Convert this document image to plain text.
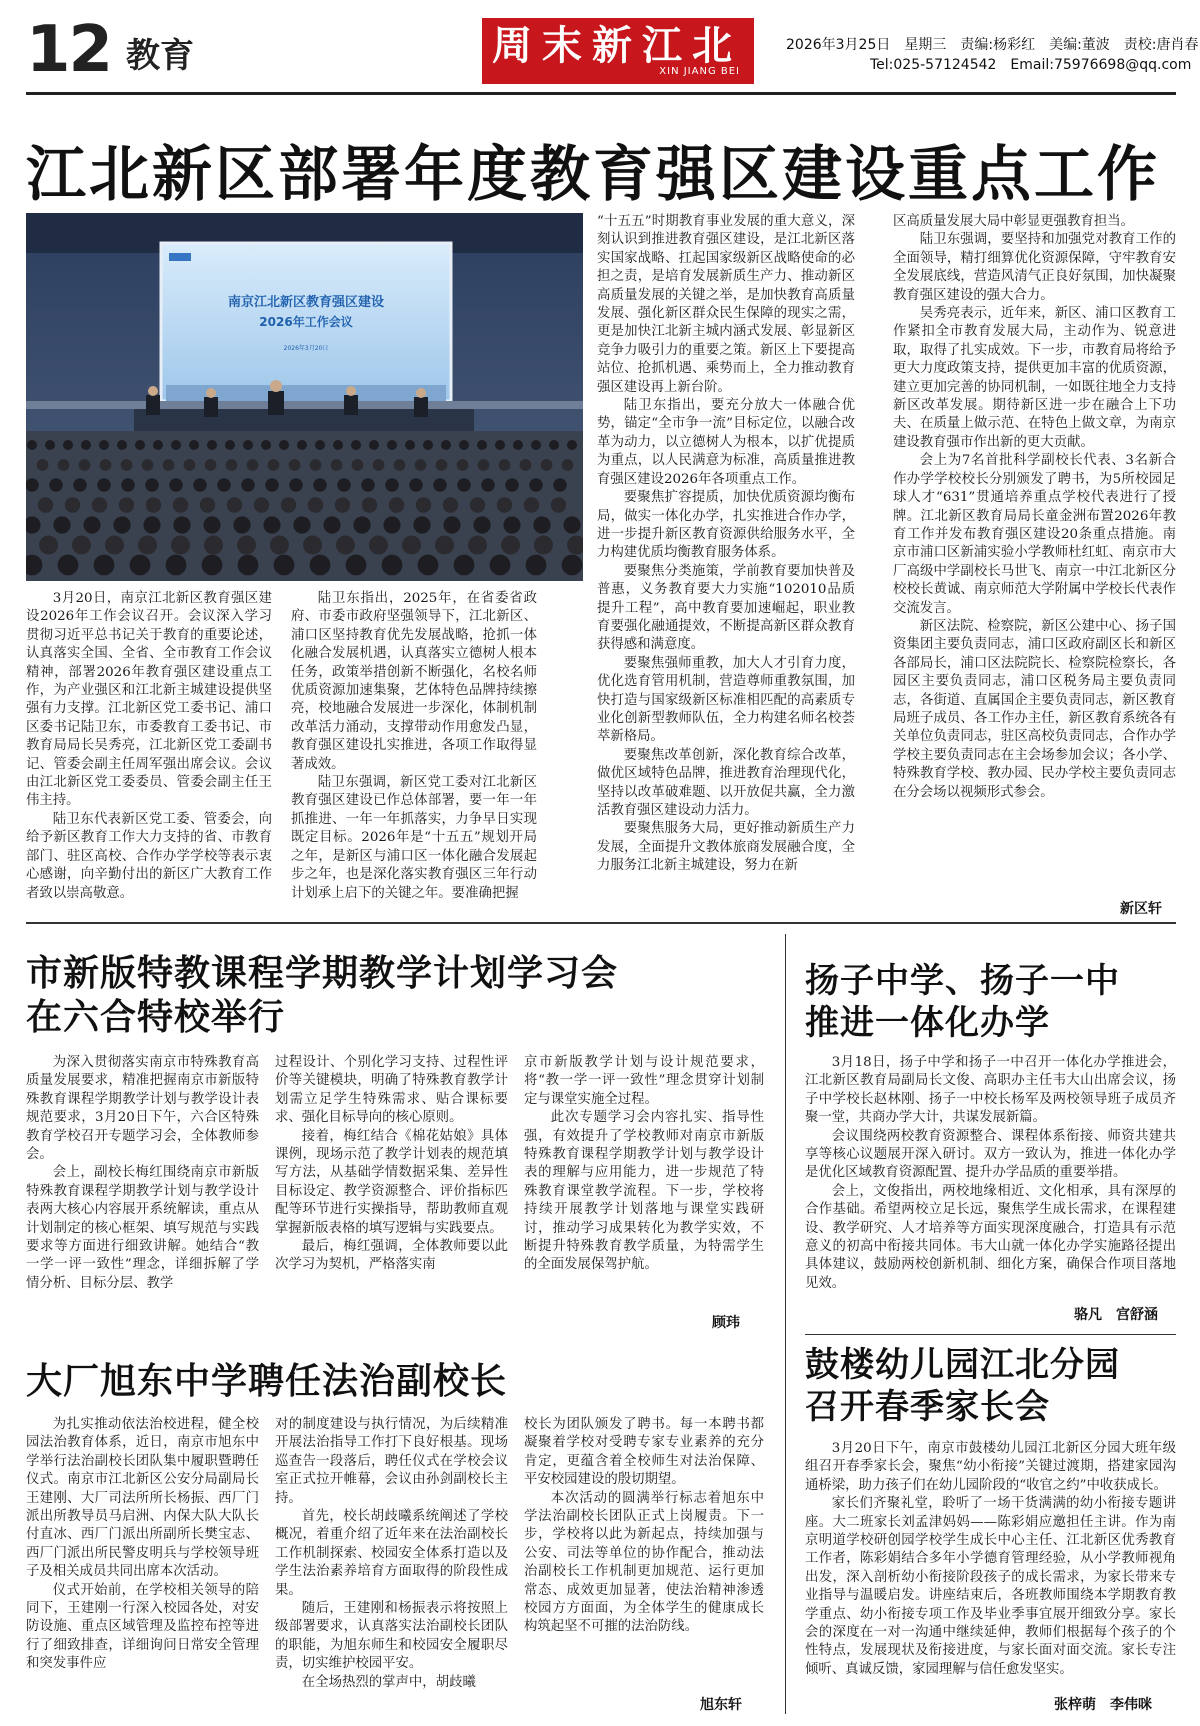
12 教育	周末新江北
XIN JIANG BEI
2026年3月25日　星期三　责编:杨彩红　美编:董波　责校:唐肖春
Tel:025-57124542　Email:75976698@qq.com
江北新区部署年度教育强区建设重点工作
南京江北新区教育强区建设
2026年工作会议
2026年3月20日

3月20日，南京江北新区教育强区建设2026年工作会议召开。会议深入学习贯彻习近平总书记关于教育的重要论述，认真落实全国、全省、全市教育工作会议精神，部署2026年教育强区建设重点工作，为产业强区和江北新主城建设提供坚强有力支撑。江北新区党工委书记、浦口区委书记陆卫东，市委教育工委书记、市教育局局长吴秀亮，江北新区党工委副书记、管委会副主任周军强出席会议。会议由江北新区党工委委员、管委会副主任王伟主持。

陆卫东代表新区党工委、管委会，向给予新区教育工作大力支持的省、市教育部门、驻区高校、合作办学学校等表示衷心感谢，向辛勤付出的新区广大教育工作者致以崇高敬意。

陆卫东指出，2025年，在省委省政府、市委市政府坚强领导下，江北新区、浦口区坚持教育优先发展战略，抢抓一体化融合发展机遇，认真落实立德树人根本任务，政策举措创新不断强化，名校名师优质资源加速集聚，艺体特色品牌持续擦亮，校地融合发展进一步深化，体制机制改革活力涌动，支撑带动作用愈发凸显，教育强区建设扎实推进，各项工作取得显著成效。

陆卫东强调，新区党工委对江北新区教育强区建设已作总体部署，要一年一年抓推进、一年一年抓落实，力争早日实现既定目标。2026年是“十五五”规划开局之年，是新区与浦口区一体化融合发展起步之年，也是深化落实教育强区三年行动计划承上启下的关键之年。要准确把握

“十五五”时期教育事业发展的重大意义，深刻认识到推进教育强区建设，是江北新区落实国家战略、扛起国家级新区战略使命的必担之责，是培育发展新质生产力、推动新区高质量发展的关键之举，是加快教育高质量发展、强化新区群众民生保障的现实之需，更是加快江北新主城内涵式发展、彰显新区竞争力吸引力的重要之策。新区上下要提高站位、抢抓机遇、乘势而上，全力推动教育强区建设再上新台阶。

陆卫东指出，要充分放大一体融合优势，锚定“全市争一流”目标定位，以融合改革为动力，以立德树人为根本，以扩优提质为重点，以人民满意为标准，高质量推进教育强区建设2026年各项重点工作。

要聚焦扩容提质，加快优质资源均衡布局，做实一体化办学，扎实推进合作办学，进一步提升新区教育资源供给服务水平，全力构建优质均衡教育服务体系。

要聚焦分类施策，学前教育要加快普及普惠，义务教育要大力实施“102010品质提升工程”，高中教育要加速崛起，职业教育要强化融通提效，不断提高新区群众教育获得感和满意度。

要聚焦强师重教，加大人才引育力度，优化选育管用机制，营造尊师重教氛围，加快打造与国家级新区标准相匹配的高素质专业化创新型教师队伍，全力构建名师名校荟萃新格局。

要聚焦改革创新，深化教育综合改革，做优区域特色品牌，推进教育治理现代化，坚持以改革破难题、以开放促共赢，全力激活教育强区建设动力活力。

要聚焦服务大局，更好推动新质生产力发展，全面提升文教体旅商发展融合度，全力服务江北新主城建设，努力在新

区高质量发展大局中彰显更强教育担当。

陆卫东强调，要坚持和加强党对教育工作的全面领导，精打细算优化资源保障，守牢教育安全发展底线，营造风清气正良好氛围，加快凝聚教育强区建设的强大合力。

吴秀亮表示，近年来，新区、浦口区教育工作紧扣全市教育发展大局，主动作为、锐意进取，取得了扎实成效。下一步，市教育局将给予更大力度政策支持，提供更加丰富的优质资源，建立更加完善的协同机制，一如既往地全力支持新区改革发展。期待新区进一步在融合上下功夫、在质量上做示范、在特色上做文章，为南京建设教育强市作出新的更大贡献。

会上为7名首批科学副校长代表、3名新合作办学学校校长分别颁发了聘书，为5所校园足球人才“631”贯通培养重点学校代表进行了授牌。江北新区教育局局长童金洲布置2026年教育工作并发布教育强区建设20条重点措施。南京市浦口区新浦实验小学教师杜红虹、南京市大厂高级中学副校长马世飞、南京一中江北新区分校校长黄诚、南京师范大学附属中学校长代表作交流发言。

新区法院、检察院，新区公建中心、扬子国资集团主要负责同志，浦口区政府副区长和新区各部局长，浦口区法院院长、检察院检察长，各园区主要负责同志，浦口区税务局主要负责同志，各街道、直属国企主要负责同志，新区教育局班子成员、各工作办主任，新区教育系统各有关单位负责同志，驻区高校负责同志，合作办学学校主要负责同志在主会场参加会议；各小学、特殊教育学校、教办园、民办学校主要负责同志在分会场以视频形式参会。

新区轩
市新版特教课程学期教学计划学习会
在六合特校举行

为深入贯彻落实南京市特殊教育高质量发展要求，精准把握南京市新版特殊教育课程学期教学计划与教学设计表规范要求，3月20日下午，六合区特殊教育学校召开专题学习会，全体教师参会。

会上，副校长梅红围绕南京市新版特殊教育课程学期教学计划与教学设计表两大核心内容展开系统解读，重点从计划制定的核心框架、填写规范与实践要求等方面进行细致讲解。她结合“教一学一评一致性”理念，详细拆解了学情分析、目标分层、教学

过程设计、个别化学习支持、过程性评价等关键模块，明确了特殊教育教学计划需立足学生特殊需求、贴合课标要求、强化目标导向的核心原则。

接着，梅红结合《棉花姑娘》具体课例，现场示范了教学计划表的规范填写方法，从基础学情数据采集、差异性目标设定、教学资源整合、评价指标匹配等环节进行实操指导，帮助教师直观掌握新版表格的填写逻辑与实践要点。

最后，梅红强调，全体教师要以此次学习为契机，严格落实南

京市新版教学计划与设计规范要求，将“教一学一评一致性”理念贯穿计划制定与课堂实施全过程。

此次专题学习会内容扎实、指导性强，有效提升了学校教师对南京市新版特殊教育课程学期教学计划与教学设计表的理解与应用能力，进一步规范了特殊教育课堂教学流程。下一步，学校将持续开展教学计划落地与课堂实践研讨，推动学习成果转化为教学实效，不断提升特殊教育教学质量，为特需学生的全面发展保驾护航。

顾玮
扬子中学、扬子一中
推进一体化办学

3月18日，扬子中学和扬子一中召开一体化办学推进会，江北新区教育局副局长文俊、高职办主任韦大山出席会议，扬子中学校长赵林刚、扬子一中校长杨军及两校领导班子成员齐聚一堂，共商办学大计，共谋发展新篇。

会议围绕两校教育资源整合、课程体系衔接、师资共建共享等核心议题展开深入研讨。双方一致认为，推进一体化办学是优化区域教育资源配置、提升办学品质的重要举措。

会上，文俊指出，两校地缘相近、文化相承，具有深厚的合作基础。希望两校立足长远，聚焦学生成长需求，在课程建设、教学研究、人才培养等方面实现深度融合，打造具有示范意义的初高中衔接共同体。韦大山就一体化办学实施路径提出具体建议，鼓励两校创新机制、细化方案，确保合作项目落地见效。

骆凡　宫舒涵
大厂旭东中学聘任法治副校长

为扎实推动依法治校进程，健全校园法治教育体系，近日，南京市旭东中学举行法治副校长团队集中履职暨聘任仪式。南京市江北新区公安分局副局长王建刚、大厂司法所所长杨振、西厂门派出所教导员马启洲、内保大队大队长付直冰、西厂门派出所副所长樊宝志、西厂门派出所民警皮明兵与学校领导班子及相关成员共同出席本次活动。

仪式开始前，在学校相关领导的陪同下，王建刚一行深入校园各处，对安防设施、重点区域管理及监控布控等进行了细致排查，详细询问日常安全管理和突发事件应

对的制度建设与执行情况，为后续精准开展法治指导工作打下良好根基。现场巡查告一段落后，聘任仪式在学校会议室正式拉开帷幕，会议由孙剑副校长主持。

首先，校长胡歧曦系统阐述了学校概况，着重介绍了近年来在法治副校长工作机制探索、校园安全体系打造以及学生法治素养培育方面取得的阶段性成果。

随后，王建刚和杨振表示将按照上级部署要求，认真落实法治副校长团队的职能，为旭东师生和校园安全履职尽责，切实维护校园平安。

在全场热烈的掌声中，胡歧曦

校长为团队颁发了聘书。每一本聘书都凝聚着学校对受聘专家专业素养的充分肯定，更蕴含着全校师生对法治保障、平安校园建设的殷切期望。

本次活动的圆满举行标志着旭东中学法治副校长团队正式上岗履责。下一步，学校将以此为新起点，持续加强与公安、司法等单位的协作配合，推动法治副校长工作机制更加规范、运行更加常态、成效更加显著，使法治精神渗透校园方方面面，为全体学生的健康成长构筑起坚不可摧的法治防线。

旭东轩
鼓楼幼儿园江北分园
召开春季家长会

3月20日下午，南京市鼓楼幼儿园江北新区分园大班年级组召开春季家长会，聚焦“幼小衔接”关键过渡期，搭建家园沟通桥梁，助力孩子们在幼儿园阶段的“收官之约”中收获成长。

家长们齐聚礼堂，聆听了一场干货满满的幼小衔接专题讲座。大二班家长刘孟津妈妈——陈彩娟应邀担任主讲。作为南京明道学校研创园学校学生成长中心主任、江北新区优秀教育工作者，陈彩娟结合多年小学德育管理经验，从小学教师视角出发，深入剖析幼小衔接阶段孩子的成长需求，为家长带来专业指导与温暖启发。讲座结束后，各班教师围绕本学期教育教学重点、幼小衔接专项工作及毕业季事宜展开细致分享。家长会的深度在一对一沟通中继续延伸，教师们根据每个孩子的个性特点，发展现状及衔接进度，与家长面对面交流。家长专注倾听、真诚反馈，家园理解与信任愈发坚实。

张梓萌　李伟咪
